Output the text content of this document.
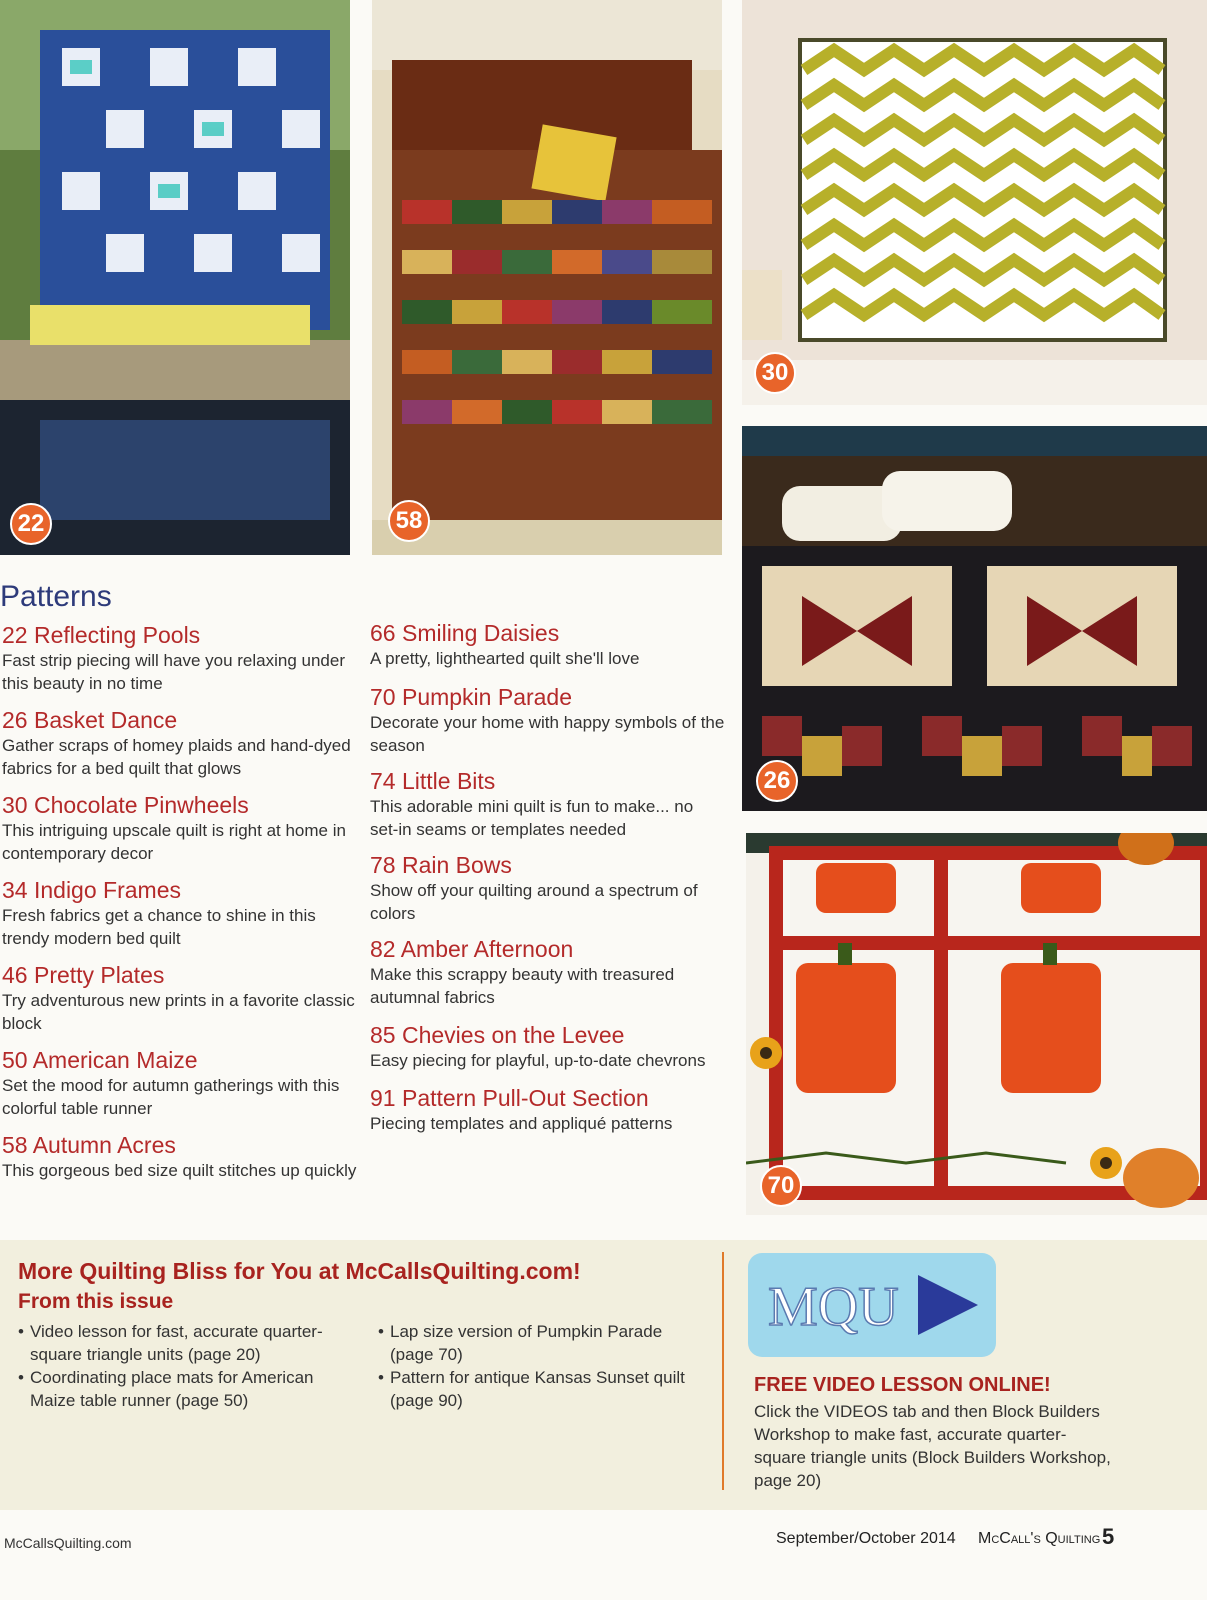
22	58
30
26
70
Patterns
22 Reflecting Pools
Fast strip piecing will have you relaxing under this beauty in no time
26 Basket Dance
Gather scraps of homey plaids and hand-dyed fabrics for a bed quilt that glows
30 Chocolate Pinwheels
This intriguing upscale quilt is right at home in contemporary decor
34 Indigo Frames
Fresh fabrics get a chance to shine in this trendy modern bed quilt
46 Pretty Plates
Try adventurous new prints in a favorite classic block
50 American Maize
Set the mood for autumn gatherings with this colorful table runner
58 Autumn Acres
This gorgeous bed size quilt stitches up quickly
66 Smiling Daisies
A pretty, lighthearted quilt she'll love
70 Pumpkin Parade
Decorate your home with happy symbols of the season
74 Little Bits
This adorable mini quilt is fun to make... no set-in seams or templates needed
78 Rain Bows
Show off your quilting around a spectrum of colors
82 Amber Afternoon
Make this scrappy beauty with treasured autumnal fabrics
85 Chevies on the Levee
Easy piecing for playful, up-to-date chevrons
91 Pattern Pull-Out Section
Piecing templates and appliqué patterns
More Quilting Bliss for You at McCallsQuilting.com!
From this issue
• Video lesson for fast, accurate quarter-square triangle units (page 20)
• Coordinating place mats for American Maize table runner (page 50)
• Lap size version of Pumpkin Parade (page 70)
• Pattern for antique Kansas Sunset quilt (page 90)
MQU
FREE VIDEO LESSON ONLINE!
Click the VIDEOS tab and then Block Builders Workshop to make fast, accurate quarter-square triangle units (Block Builders Workshop, page 20)
McCallsQuilting.com	September/October 2014 McCall's Quilting 5
